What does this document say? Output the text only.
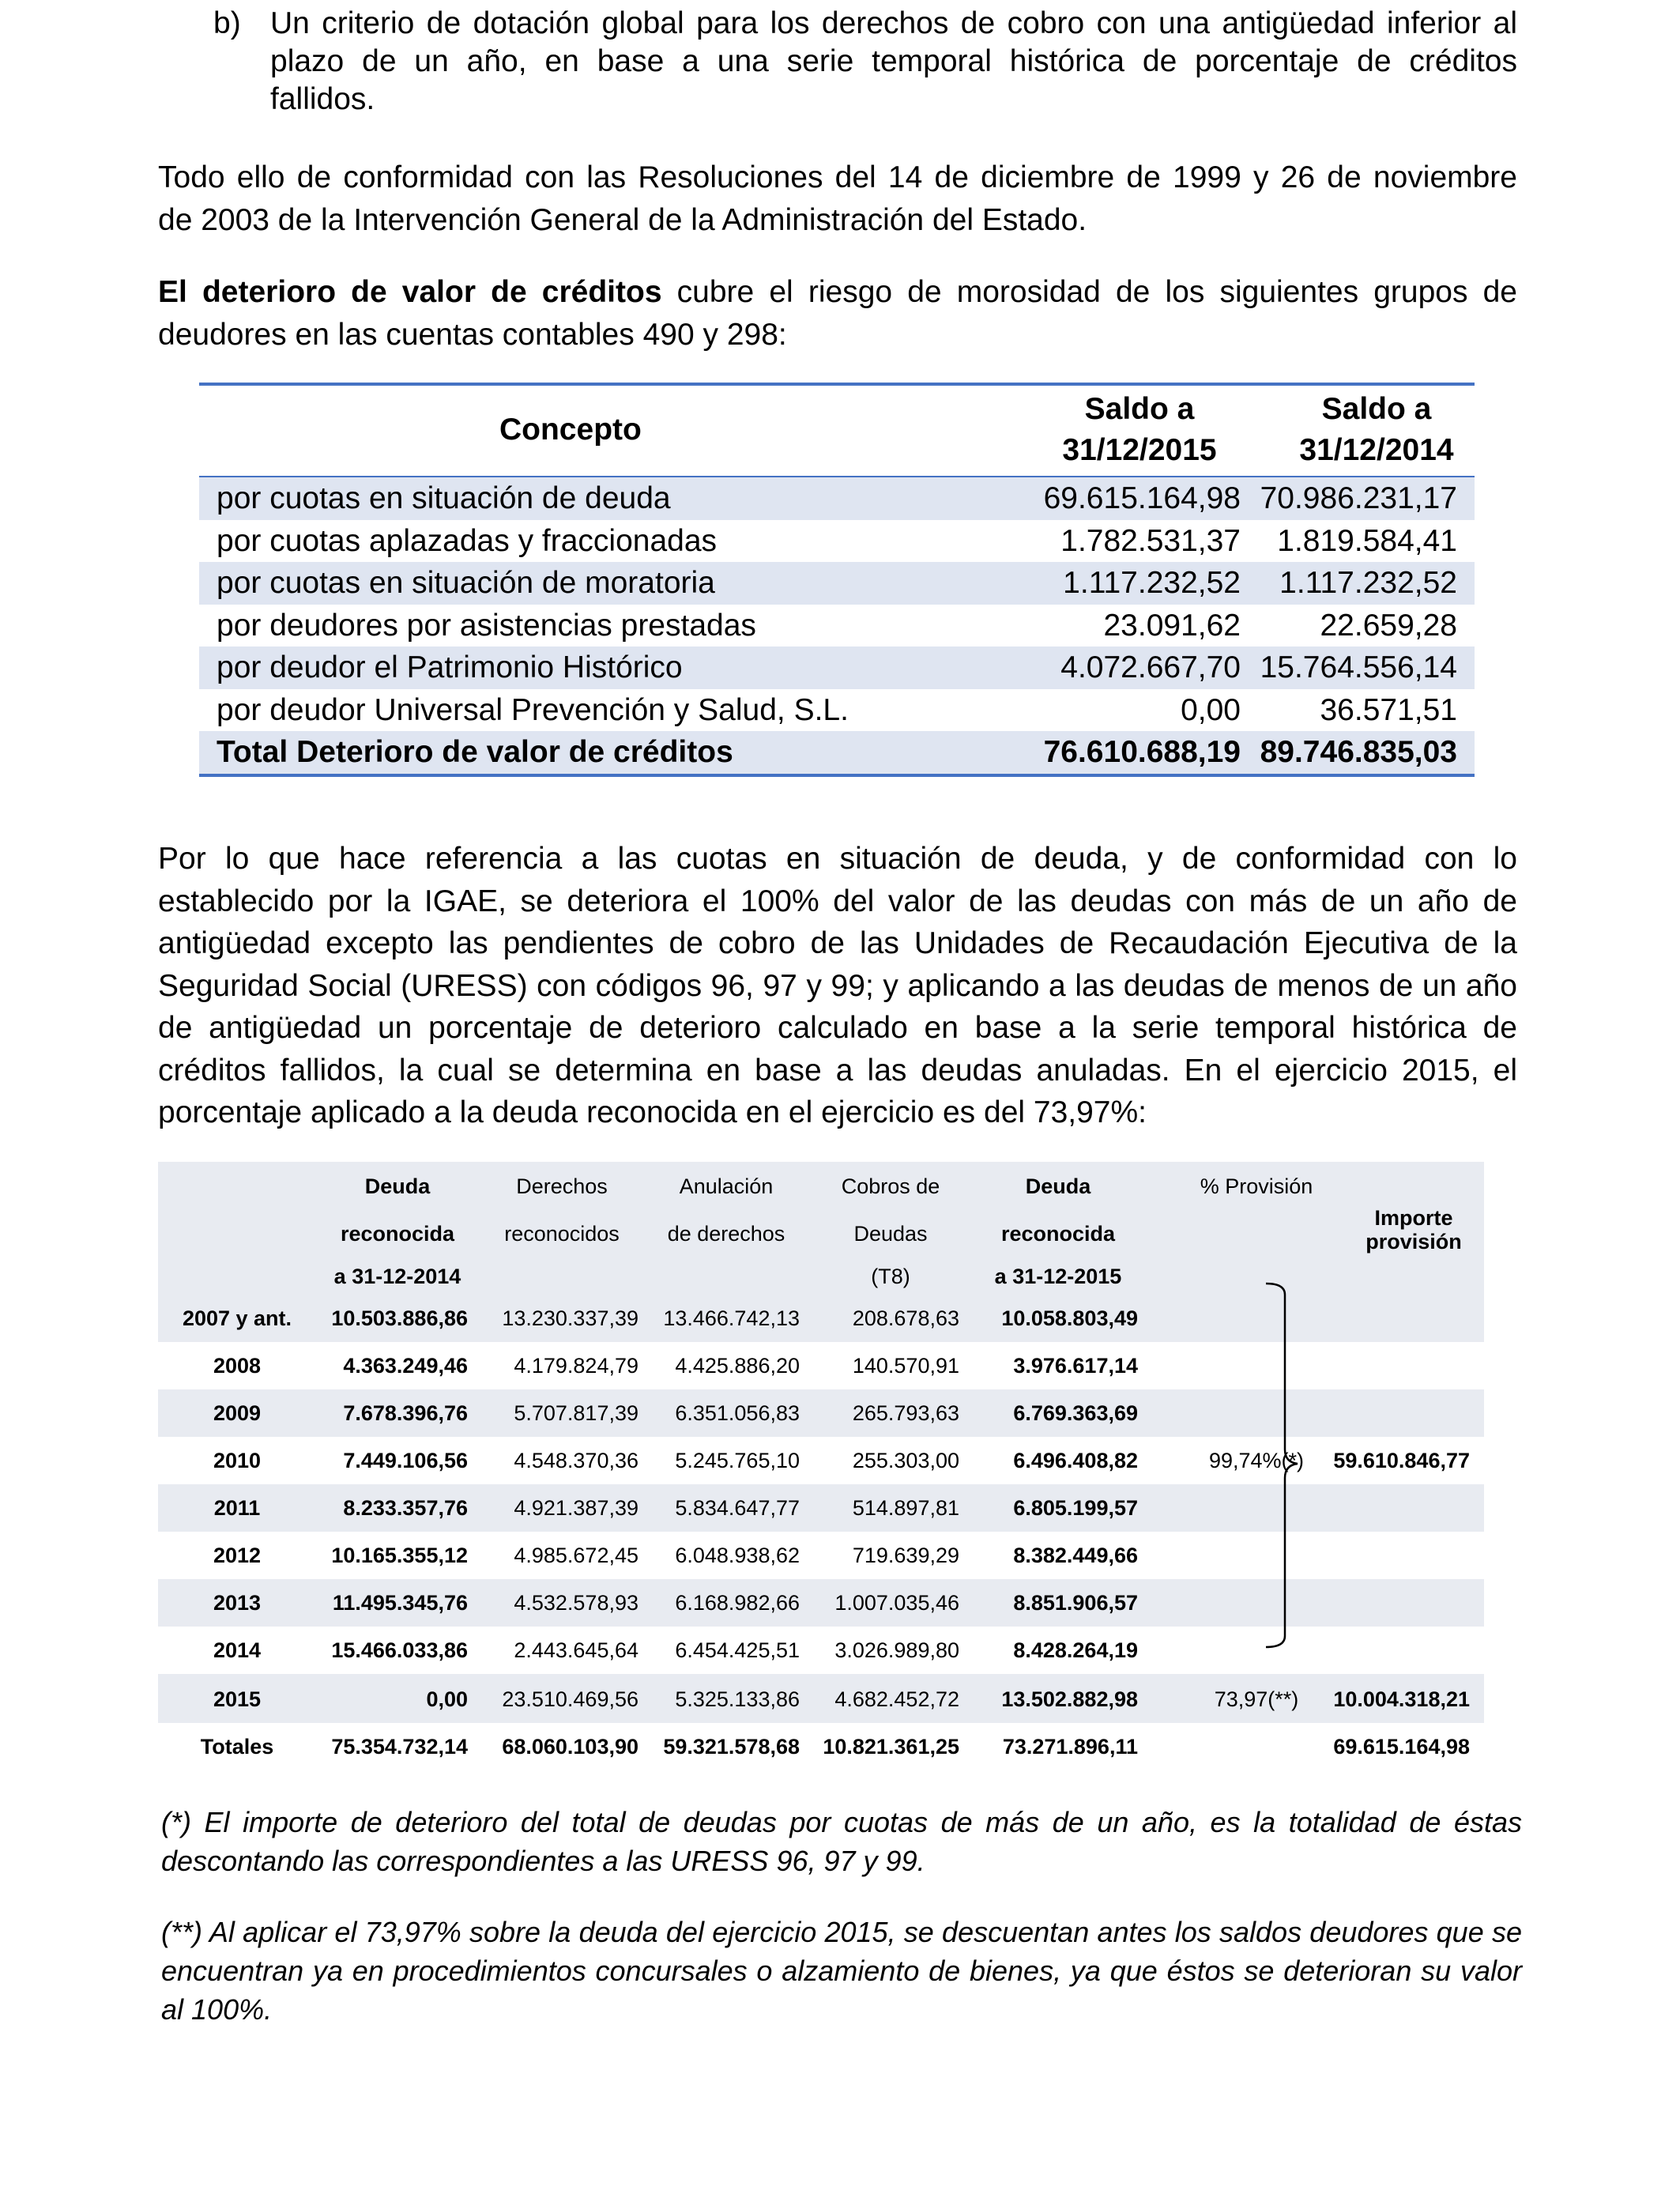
b) Un criterio de dotación global para los derechos de cobro con una antigüedad inferior al
plazo de un año, en base a una serie temporal histórica de porcentaje de créditos
fallidos.
Todo ello de conformidad con las Resoluciones del 14 de diciembre de 1999 y 26 de noviembre
de 2003 de la Intervención General de la Administración del Estado.
El deterioro de valor de créditos cubre el riesgo de morosidad de los siguientes grupos de
deudores en las cuentas contables 490 y 298:
Concepto
Saldo a
31/12/2015
Saldo a
31/12/2014
por cuotas en situación de deuda	69.615.164,98 70.986.231,17
por cuotas aplazadas y fraccionadas	1.782.531,37 1.819.584,41
por cuotas en situación de moratoria	1.117.232,52 1.117.232,52
por deudores por asistencias prestadas	23.091,62	22.659,28
por deudor el Patrimonio Histórico	4.072.667,70 15.764.556,14
por deudor Universal Prevención y Salud, S.L.	0,00	36.571,51
Total Deterioro de valor de créditos	76.610.688,19 89.746.835,03
Por lo que hace referencia a las cuotas en situación de deuda, y de conformidad con lo
establecido por la IGAE, se deteriora el 100% del valor de las deudas con más de un año de
antigüedad excepto las pendientes de cobro de las Unidades de Recaudación Ejecutiva de la
Seguridad Social (URESS) con códigos 96, 97 y 99; y aplicando a las deudas de menos de un año
de antigüedad un porcentaje de deterioro calculado en base a la serie temporal histórica de
créditos fallidos, la cual se determina en base a las deudas anuladas. En el ejercicio 2015, el
porcentaje aplicado a la deuda reconocida en el ejercicio es del 73,97%:
Deuda
reconocida
a 31-12-2014
Derechos
reconocidos
Anulación
de derechos
Cobros de
Deudas
(T8)
Deuda
reconocida
a 31-12-2015
% Provisión
Importe
provisión
2007 y ant.	10.503.886,86 13.230.337,39 13.466.742,13 208.678,63 10.058.803,49
2008	4.363.249,46 4.179.824,79 4.425.886,20 140.570,91	3.976.617,14
2009	7.678.396,76 5.707.817,39 6.351.056,83 265.793,63	6.769.363,69
2010	7.449.106,56 4.548.370,36 5.245.765,10 255.303,00	6.496.408,82	99,74%(*)	59.610.846,77
2011	8.233.357,76 4.921.387,39 5.834.647,77 514.897,81	6.805.199,57
2012	10.165.355,12 4.985.672,45 6.048.938,62 719.639,29	8.382.449,66
2013	11.495.345,76 4.532.578,93 6.168.982,66 1.007.035,46	8.851.906,57
2014	15.466.033,86 2.443.645,64 6.454.425,51 3.026.989,80	8.428.264,19
2015	0,00 23.510.469,56 5.325.133,86 4.682.452,72 13.502.882,98	73,97(**)	10.004.318,21
Totales	75.354.732,14 68.060.103,90 59.321.578,68 10.821.361,25 73.271.896,11	69.615.164,98
(*) El importe de deterioro del total de deudas por cuotas de más de un año, es la totalidad de éstas
descontando las correspondientes a las URESS 96, 97 y 99.
(**) Al aplicar el 73,97% sobre la deuda del ejercicio 2015, se descuentan antes los saldos deudores que se
encuentran ya en procedimientos concursales o alzamiento de bienes, ya que éstos se deterioran su valor
al 100%.
